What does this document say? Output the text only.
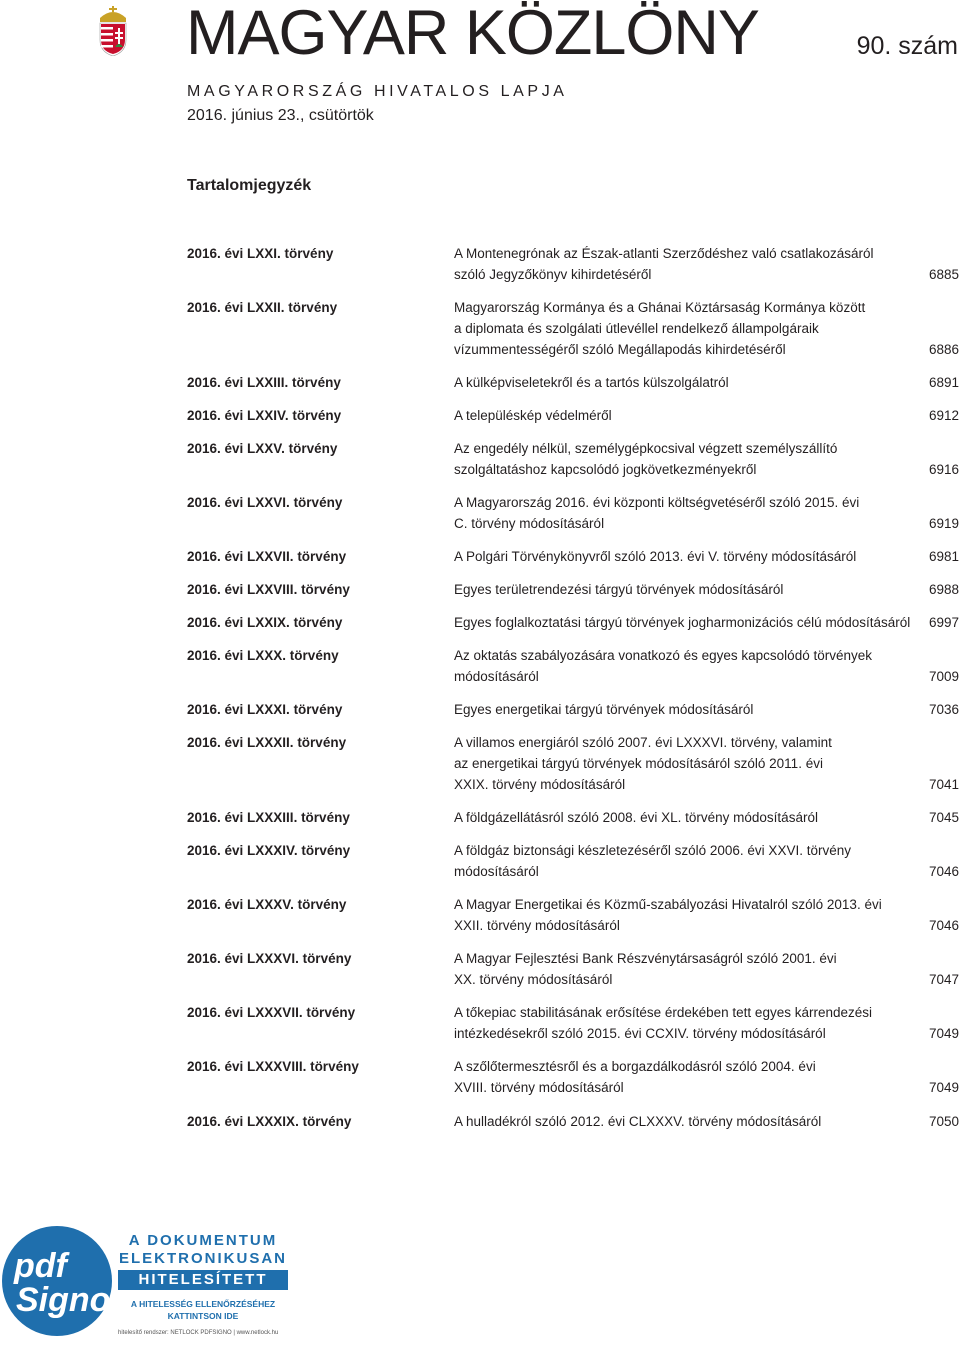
MAGYAR KÖZLÖNY	90. szám
MAGYARORSZÁG HIVATALOS LAPJA
2016. június 23., csütörtök
Tartalomjegyzék
2016. évi LXXI. törvény	A Montenegrónak az Észak-atlanti Szerződéshez való csatlakozásáról
szóló Jegyzőkönyv kihirdetéséről	6885
2016. évi LXXII. törvény	Magyarország Kormánya és a Ghánai Köztársaság Kormánya között
a diplomata és szolgálati útlevéllel rendelkező állampolgáraik
vízummentességéről szóló Megállapodás kihirdetéséről	6886
2016. évi LXXIII. törvény	A külképviseletekről és a tartós külszolgálatról	6891
2016. évi LXXIV. törvény	A településkép védelméről	6912
2016. évi LXXV. törvény	Az engedély nélkül, személygépkocsival végzett személyszállító
szolgáltatáshoz kapcsolódó jogkövetkezményekről	6916
2016. évi LXXVI. törvény	A Magyarország 2016. évi központi költségvetéséről szóló 2015. évi
C. törvény módosításáról	6919
2016. évi LXXVII. törvény	A Polgári Törvénykönyvről szóló 2013. évi V. törvény módosításáról	6981
2016. évi LXXVIII. törvény	Egyes területrendezési tárgyú törvények módosításáról	6988
2016. évi LXXIX. törvény	Egyes foglalkoztatási tárgyú törvények jogharmonizációs célú módosításáról 6997
2016. évi LXXX. törvény	Az oktatás szabályozására vonatkozó és egyes kapcsolódó törvények
módosításáról	7009
2016. évi LXXXI. törvény	Egyes energetikai tárgyú törvények módosításáról	7036
2016. évi LXXXII. törvény	A villamos energiáról szóló 2007. évi LXXXVI. törvény, valamint
az energetikai tárgyú törvények módosításáról szóló 2011. évi
XXIX. törvény módosításáról	7041
2016. évi LXXXIII. törvény	A földgázellátásról szóló 2008. évi XL. törvény módosításáról	7045
2016. évi LXXXIV. törvény	A földgáz biztonsági készletezéséről szóló 2006. évi XXVI. törvény
módosításáról	7046
2016. évi LXXXV. törvény	A Magyar Energetikai és Közmű-szabályozási Hivatalról szóló 2013. évi
XXII. törvény módosításáról	7046
2016. évi LXXXVI. törvény	A Magyar Fejlesztési Bank Részvénytársaságról szóló 2001. évi
XX. törvény módosításáról	7047
2016. évi LXXXVII. törvény	A tőkepiac stabilitásának erősítése érdekében tett egyes kárrendezési
intézkedésekről szóló 2015. évi CCXIV. törvény módosításáról	7049
2016. évi LXXXVIII. törvény	A szőlőtermesztésről és a borgazdálkodásról szóló 2004. évi
XVIII. törvény módosításáról	7049
2016. évi LXXXIX. törvény	A hulladékról szóló 2012. évi CLXXXV. törvény módosításáról	7050
pdf
Signo
A DOKUMENTUM
ELEKTRONIKUSAN
HITELESÍTETT
A HITELESSÉG ELLENŐRZÉSÉHEZ
KATTINTSON IDE
hitelesítő rendszer: NETLOCK PDFSIGNO | www.netlock.hu
